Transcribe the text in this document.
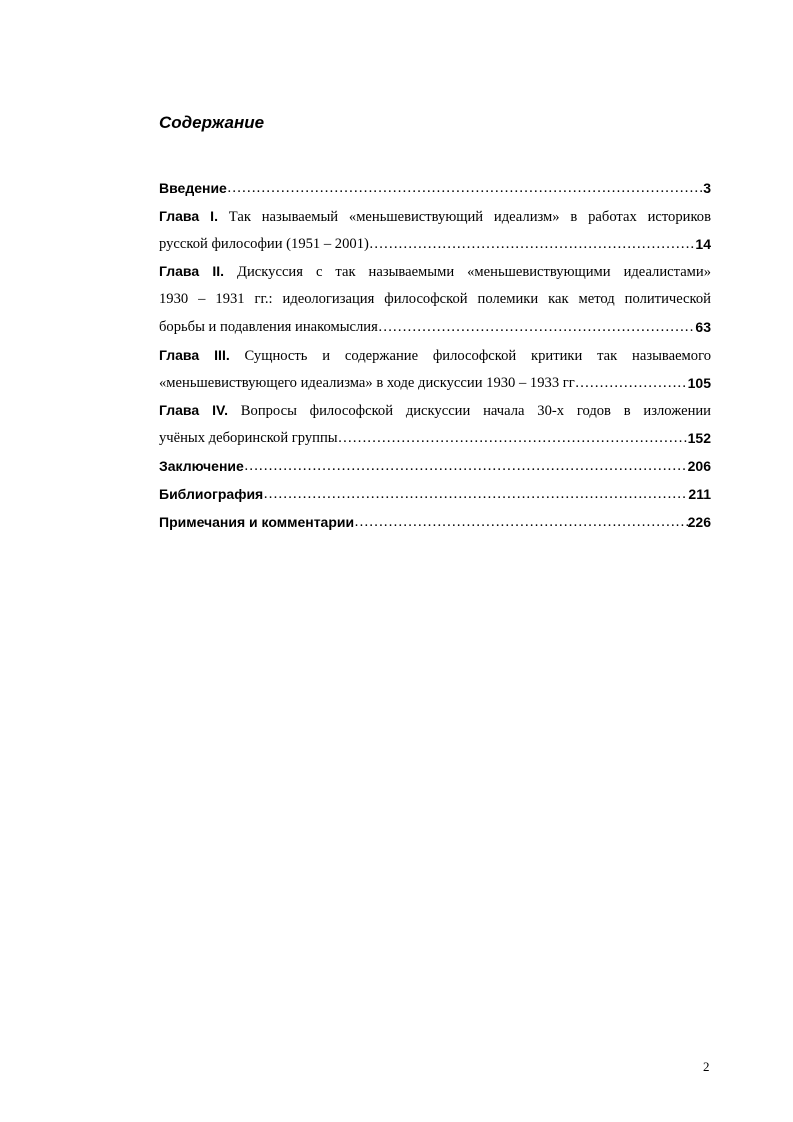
Содержание
Введение ………………………………………………………………………………………………………………………………………………	3
Глава I. Так называемый «меньшевиствующий идеализм» в работах историков
русской философии (1951 – 2001) ………………………………………………………………………………………………………………………………………………	14
Глава II. Дискуссия с так называемыми «меньшевиствующими идеалистами»
1930 – 1931 гг.: идеологизация философской полемики как метод политической
борьбы и подавления инакомыслия ………………………………………………………………………………………………………………………………………………	63
Глава III. Сущность и содержание философской критики так называемого
«меньшевиствующего идеализма» в ходе дискуссии 1930 – 1933 гг ………………………………………………………………………………………………………………………………………………	105
Глава IV. Вопросы философской дискуссии начала 30-х годов в изложении
учёных деборинской группы ………………………………………………………………………………………………………………………………………………	152
Заключение ………………………………………………………………………………………………………………………………………………	206
Библиография ………………………………………………………………………………………………………………………………………………	211
Примечания и комментарии ………………………………………………………………………………………………………………………………………………	226
2
